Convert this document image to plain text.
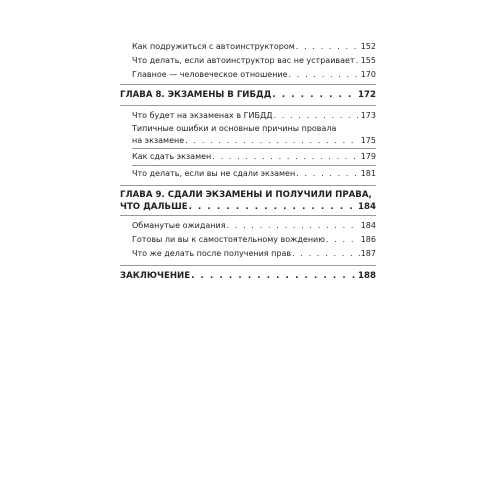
Как подружиться с автоинструктором . . .	152
Что делать, если автоинструктор вас не устраивает . . . 155
Главное — человеческое отношение . . .	170
ГЛАВА 8. ЭКЗАМЕНЫ В ГИБДД . . .	172
Что будет на экзаменах в ГИБДД . . .	173
Типичные ошибки и основные причины провала
на экзамене . . .	175
Как сдать экзамен . . .	179
Что делать, если вы не сдали экзамен . . .	181
ГЛАВА 9. СДАЛИ ЭКЗАМЕНЫ И ПОЛУЧИЛИ ПРАВА,
ЧТО ДАЛЬШЕ . . .	184
Обманутые ожидания . . .	184
Готовы ли вы к самостоятельному вождению . . .	186
Что же делать после получения прав . . .	187
ЗАКЛЮЧЕНИЕ . . .	188
